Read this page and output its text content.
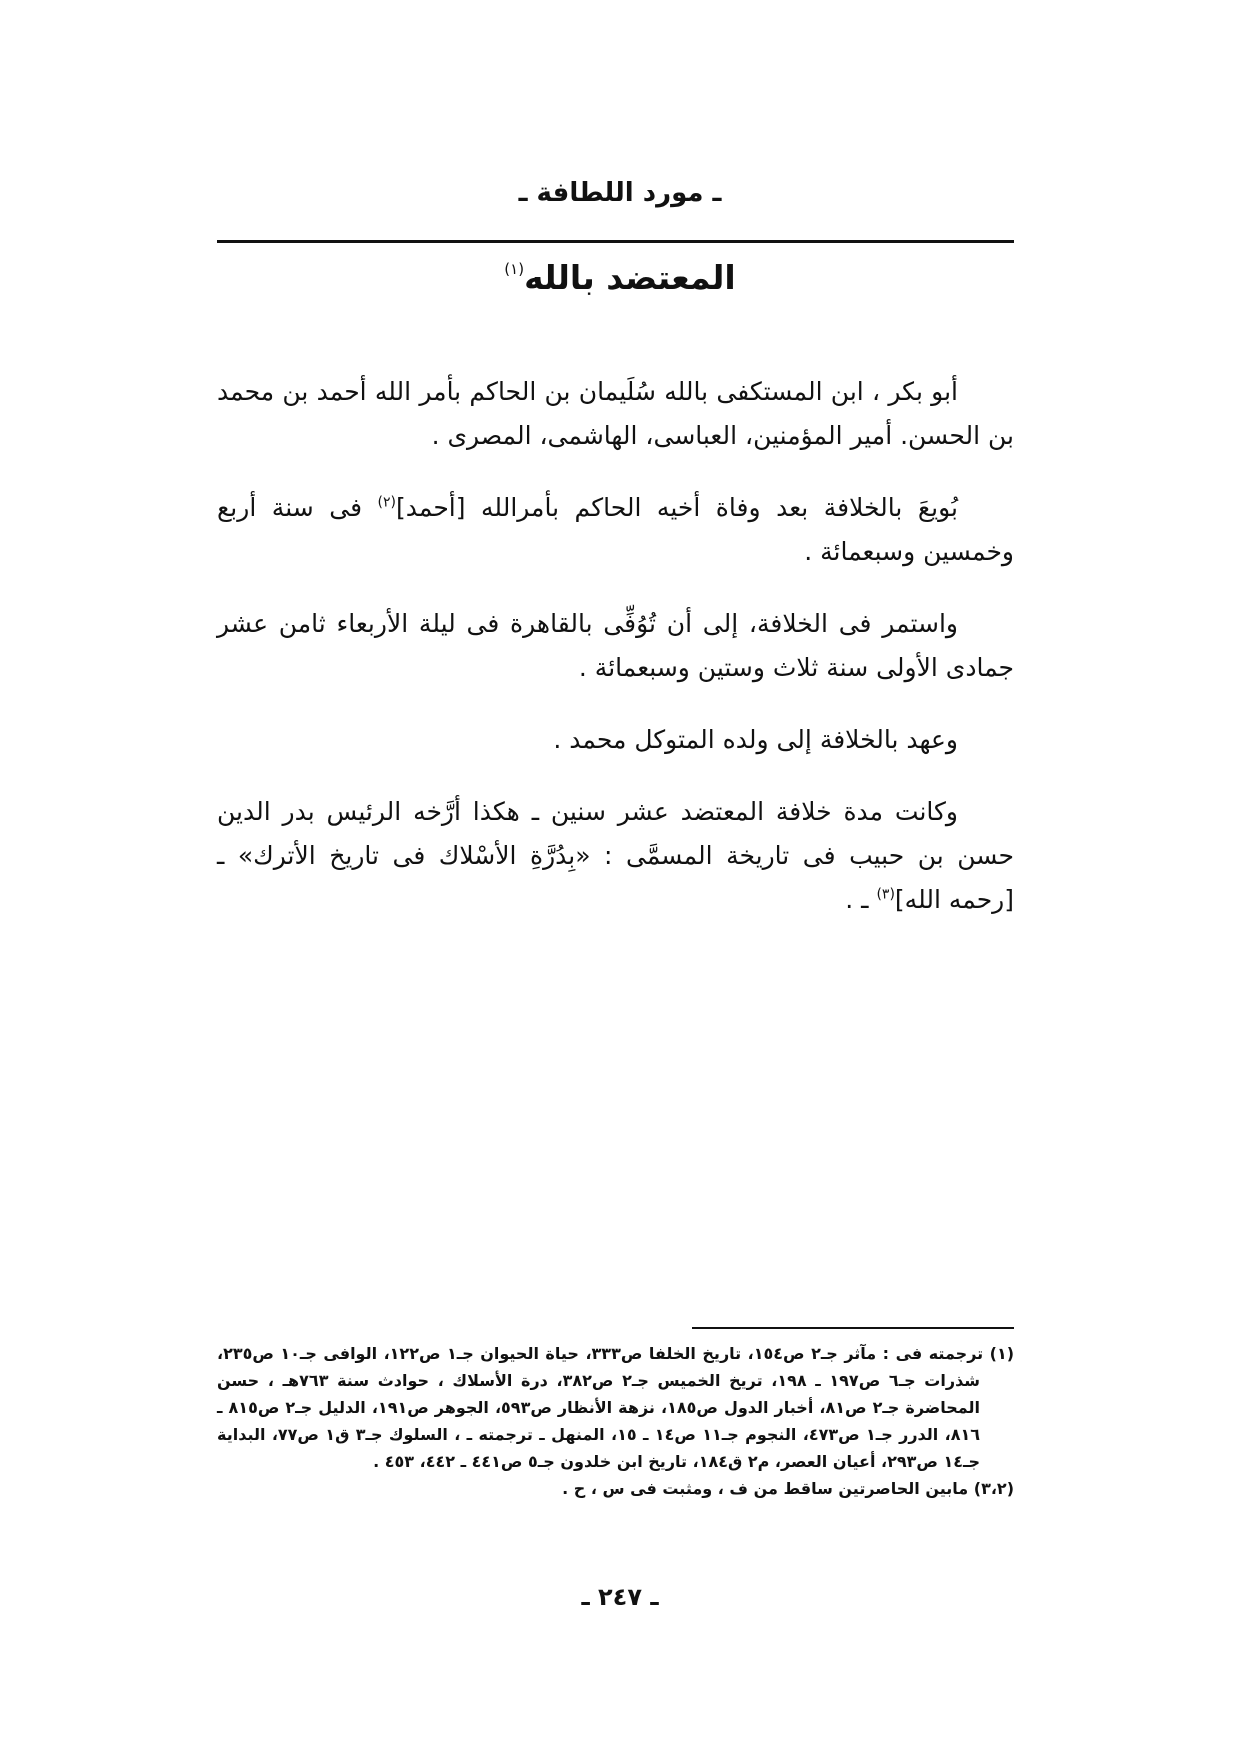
ـ مورد اللطافة ـ
المعتضد بالله$^{(١)}$

أبو بكر ، ابن المستكفى بالله سُلَيمان بن الحاكم بأمر الله أحمد بن محمد بن الحسن. أمير المؤمنين، العباسى، الهاشمى، المصرى .

بُويعَ بالخلافة بعد وفاة أخيه الحاكم بأمرالله [أحمد]$^{(٢)}$ فى سنة أربع وخمسين وسبعمائة .

واستمر فى الخلافة، إلى أن تُوُفِّى بالقاهرة فى ليلة الأربعاء ثامن عشر جمادى الأولى سنة ثلاث وستين وسبعمائة .

وعهد بالخلافة إلى ولده المتوكل محمد .

وكانت مدة خلافة المعتضد عشر سنين ـ هكذا أرَّخه الرئيس بدر الدين حسن بن حبيب فى تاريخة المسمَّى : «بِدُرَّةِ الأسْلاك فى تاريخ الأترك» ـ [رحمه الله]$^{(٣)}$ ـ .

(١) ترجمته فى : مآثر جـ٢ ص١٥٤، تاريخ الخلفا ص٣٣٣، حياة الحيوان جـ١ ص١٢٢، الوافى جـ١٠ ص٢٣٥، شذرات جـ٦ ص١٩٧ ـ ١٩٨، تريخ الخميس جـ٢ ص٣٨٢، درة الأسلاك ، حوادث سنة ٧٦٣هـ ، حسن المحاضرة جـ٢ ص٨١، أخبار الدول ص١٨٥، نزهة الأنظار ص٥٩٣، الجوهر ص١٩١، الدليل جـ٢ ص٨١٥ ـ ٨١٦، الدرر جـ١ ص٤٧٣، النجوم جـ١١ ص١٤ ـ ١٥، المنهل ـ ترجمته ـ ، السلوك جـ٣ ق١ ص٧٧، البداية جـ١٤ ص٢٩٣، أعيان العصر، م٢ ق١٨٤، تاريخ ابن خلدون جـ٥ ص٤٤١ ـ ٤٤٢، ٤٥٣ .

(٣،٢) مابين الحاصرتين ساقط من ف ، ومثبت فى س ، ح .

ـ ٢٤٧ ـ
